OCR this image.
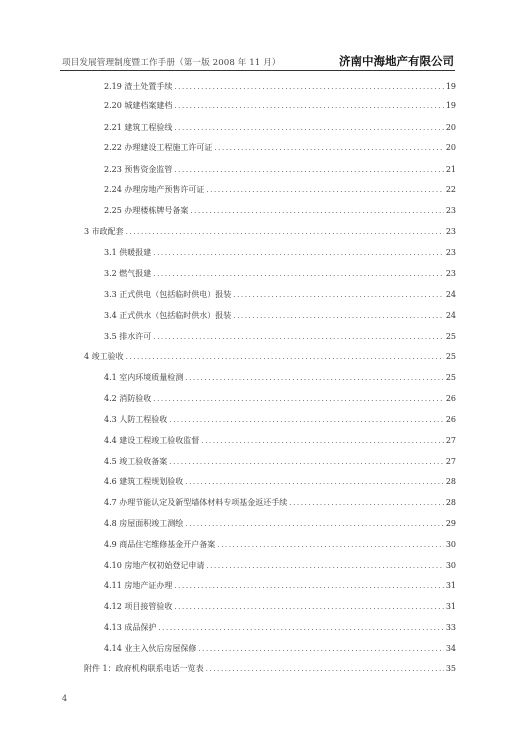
项目发展管理制度暨工作手册（第一版 2008 年 11 月）	济南中海地产有限公司
2.19 渣土处置手续 .....	19
2.20 城建档案建档 .....	19
2.21 建筑工程验线 .....	20
2.22 办理建设工程施工许可证 .....	20
2.23 预售资金监管 .....	21
2.24 办理房地产预售许可证 .....	22
2.25 办理楼栋牌号备案 .....	23
3 市政配套 .....	23
3.1 供暖报建 .....	23
3.2 燃气报建 .....	23
3.3 正式供电（包括临时供电）报装 .....	24
3.4 正式供水（包括临时供水）报装 .....	24
3.5 排水许可 .....	25
4 竣工验收 .....	25
4.1 室内环境质量检测 .....	25
4.2 消防验收 .....	26
4.3 人防工程验收 .....	26
4.4 建设工程竣工验收监督 .....	27
4.5 竣工验收备案 .....	27
4.6 建筑工程规划验收 .....	28
4.7 办理节能认定及新型墙体材料专项基金返还手续 .....	28
4.8 房屋面积竣工测绘 .....	29
4.9 商品住宅维修基金开户备案 .....	30
4.10 房地产权初始登记申请 .....	30
4.11 房地产证办理 .....	31
4.12 项目接管验收 .....	31
4.13 成品保护 .....	33
4.14 业主入伙后房屋保修 .....	34
附件 1：政府机构联系电话一览表 .....	35
4
